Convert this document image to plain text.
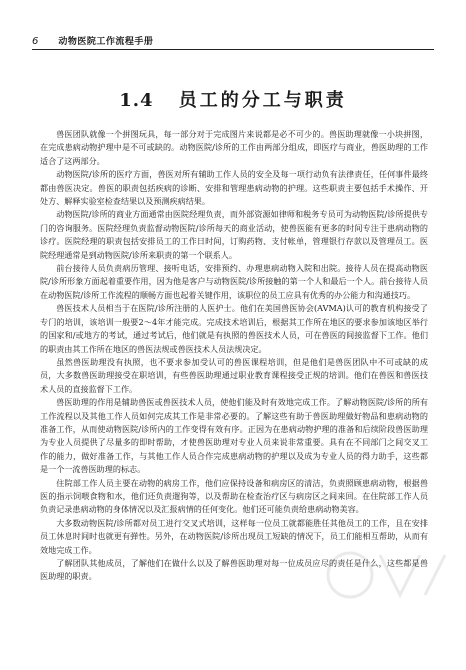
6 动物医院工作流程手册
1.4 员工的分工与职责

兽医团队就像一个拼图玩具，每一部分对于完成图片来说都是必不可少的。兽医助理就像一小块拼图，在完成患病动物护理中是不可或缺的。动物医院/诊所的工作由两部分组成，即医疗与商业，兽医助理的工作适合了这两部分。

动物医院/诊所的医疗方面，兽医对所有辅助工作人员的安全及每一项行动负有法律责任，任何事件最终都由兽医决定。兽医的职责包括疾病的诊断、安排和管理患病动物的护理。这些职责主要包括手术操作、开处方、解释实验室检查结果以及预测疾病结果。

动物医院/诊所的商业方面通常由医院经理负责，而外部资源如律师和税务专员可为动物医院/诊所提供专门的咨询服务。医院经理负责监督动物医院/诊所每天的商业活动，使兽医能有更多的时间专注于患病动物的诊疗。医院经理的职责包括安排员工的工作日时间，订购药物、支付帐单，管理银行存款以及管理员工。医院经理通常是到动物医院/诊所来职责的第一个联系人。

前台接待人员负责病历管理、接听电话，安排预约、办理患病动物入院和出院。接待人员在提高动物医院/诊所形象方面起着重要作用，因为他是客户与动物医院/诊所接触的第一个人和最后一个人。前台接待人员在动物医院/诊所工作流程的顺畅方面也起着关键作用，该职位的员工应具有优秀的办公能力和沟通技巧。

兽医技术人员相当于在医院/诊所注册的人医护士。他们在美国兽医协会(AVMA)认可的教育机构接受了专门的培训，该培训一般要2～4年才能完成。完成技术培训后，根据其工作所在地区的要求参加该地区举行的国家和/或地方的考试，通过考试后，他们就是有执照的兽医技术人员，可在兽医的间接监督下工作。他们的职责由其工作所在地区的兽医法规或兽医技术人员法规决定。

虽然兽医助理没有执照，也不要求参加受认可的兽医课程培训，但是他们是兽医团队中不可或缺的成员，大多数兽医助理接受在职培训，有些兽医助理通过职业教育课程接受正规的培训。他们在兽医和兽医技术人员的直接监督下工作。

兽医助理的作用是辅助兽医或兽医技术人员，使他们能及时有效地完成工作。了解动物医院/诊所的所有工作流程以及其他工作人员如何完成其工作是非常必要的。了解这些有助于兽医助理做好物品和患病动物的准备工作，从而使动物医院/诊所内的工作变得有效有序。正因为在患病动物护理的准备和后续阶段兽医助理为专业人员提供了尽量多的即时帮助，才使兽医助理对专业人员来说非常重要。具有在不同部门之间交叉工作的能力，做好准备工作，与其他工作人员合作完成患病动物的护理以及成为专业人员的得力助手，这些都是一个一流兽医助理的标志。

住院部工作人员主要在动物的病房工作，他们应保持设备和病房区的清洁，负责照顾患病动物，根据兽医的指示饲喂食物和水，他们还负责遛狗等，以及帮助在检查治疗区与病房区之间来回。在住院部工作人员负责记录患病动物的身体情况以及汇报病情的任何变化。他们还可能负责给患病动物美容。

大多数动物医院/诊所都对员工进行交叉式培训，这样每一位员工就都能胜任其他员工的工作，且在安排员工休息时间时也就更有弹性。另外，在动物医院/诊所出现员工短缺的情况下，员工们能相互帮助，从而有效地完成工作。

了解团队其他成员，了解他们在做什么以及了解兽医助理对每一位成员应尽的责任是什么，这些都是兽医助理的职责。
